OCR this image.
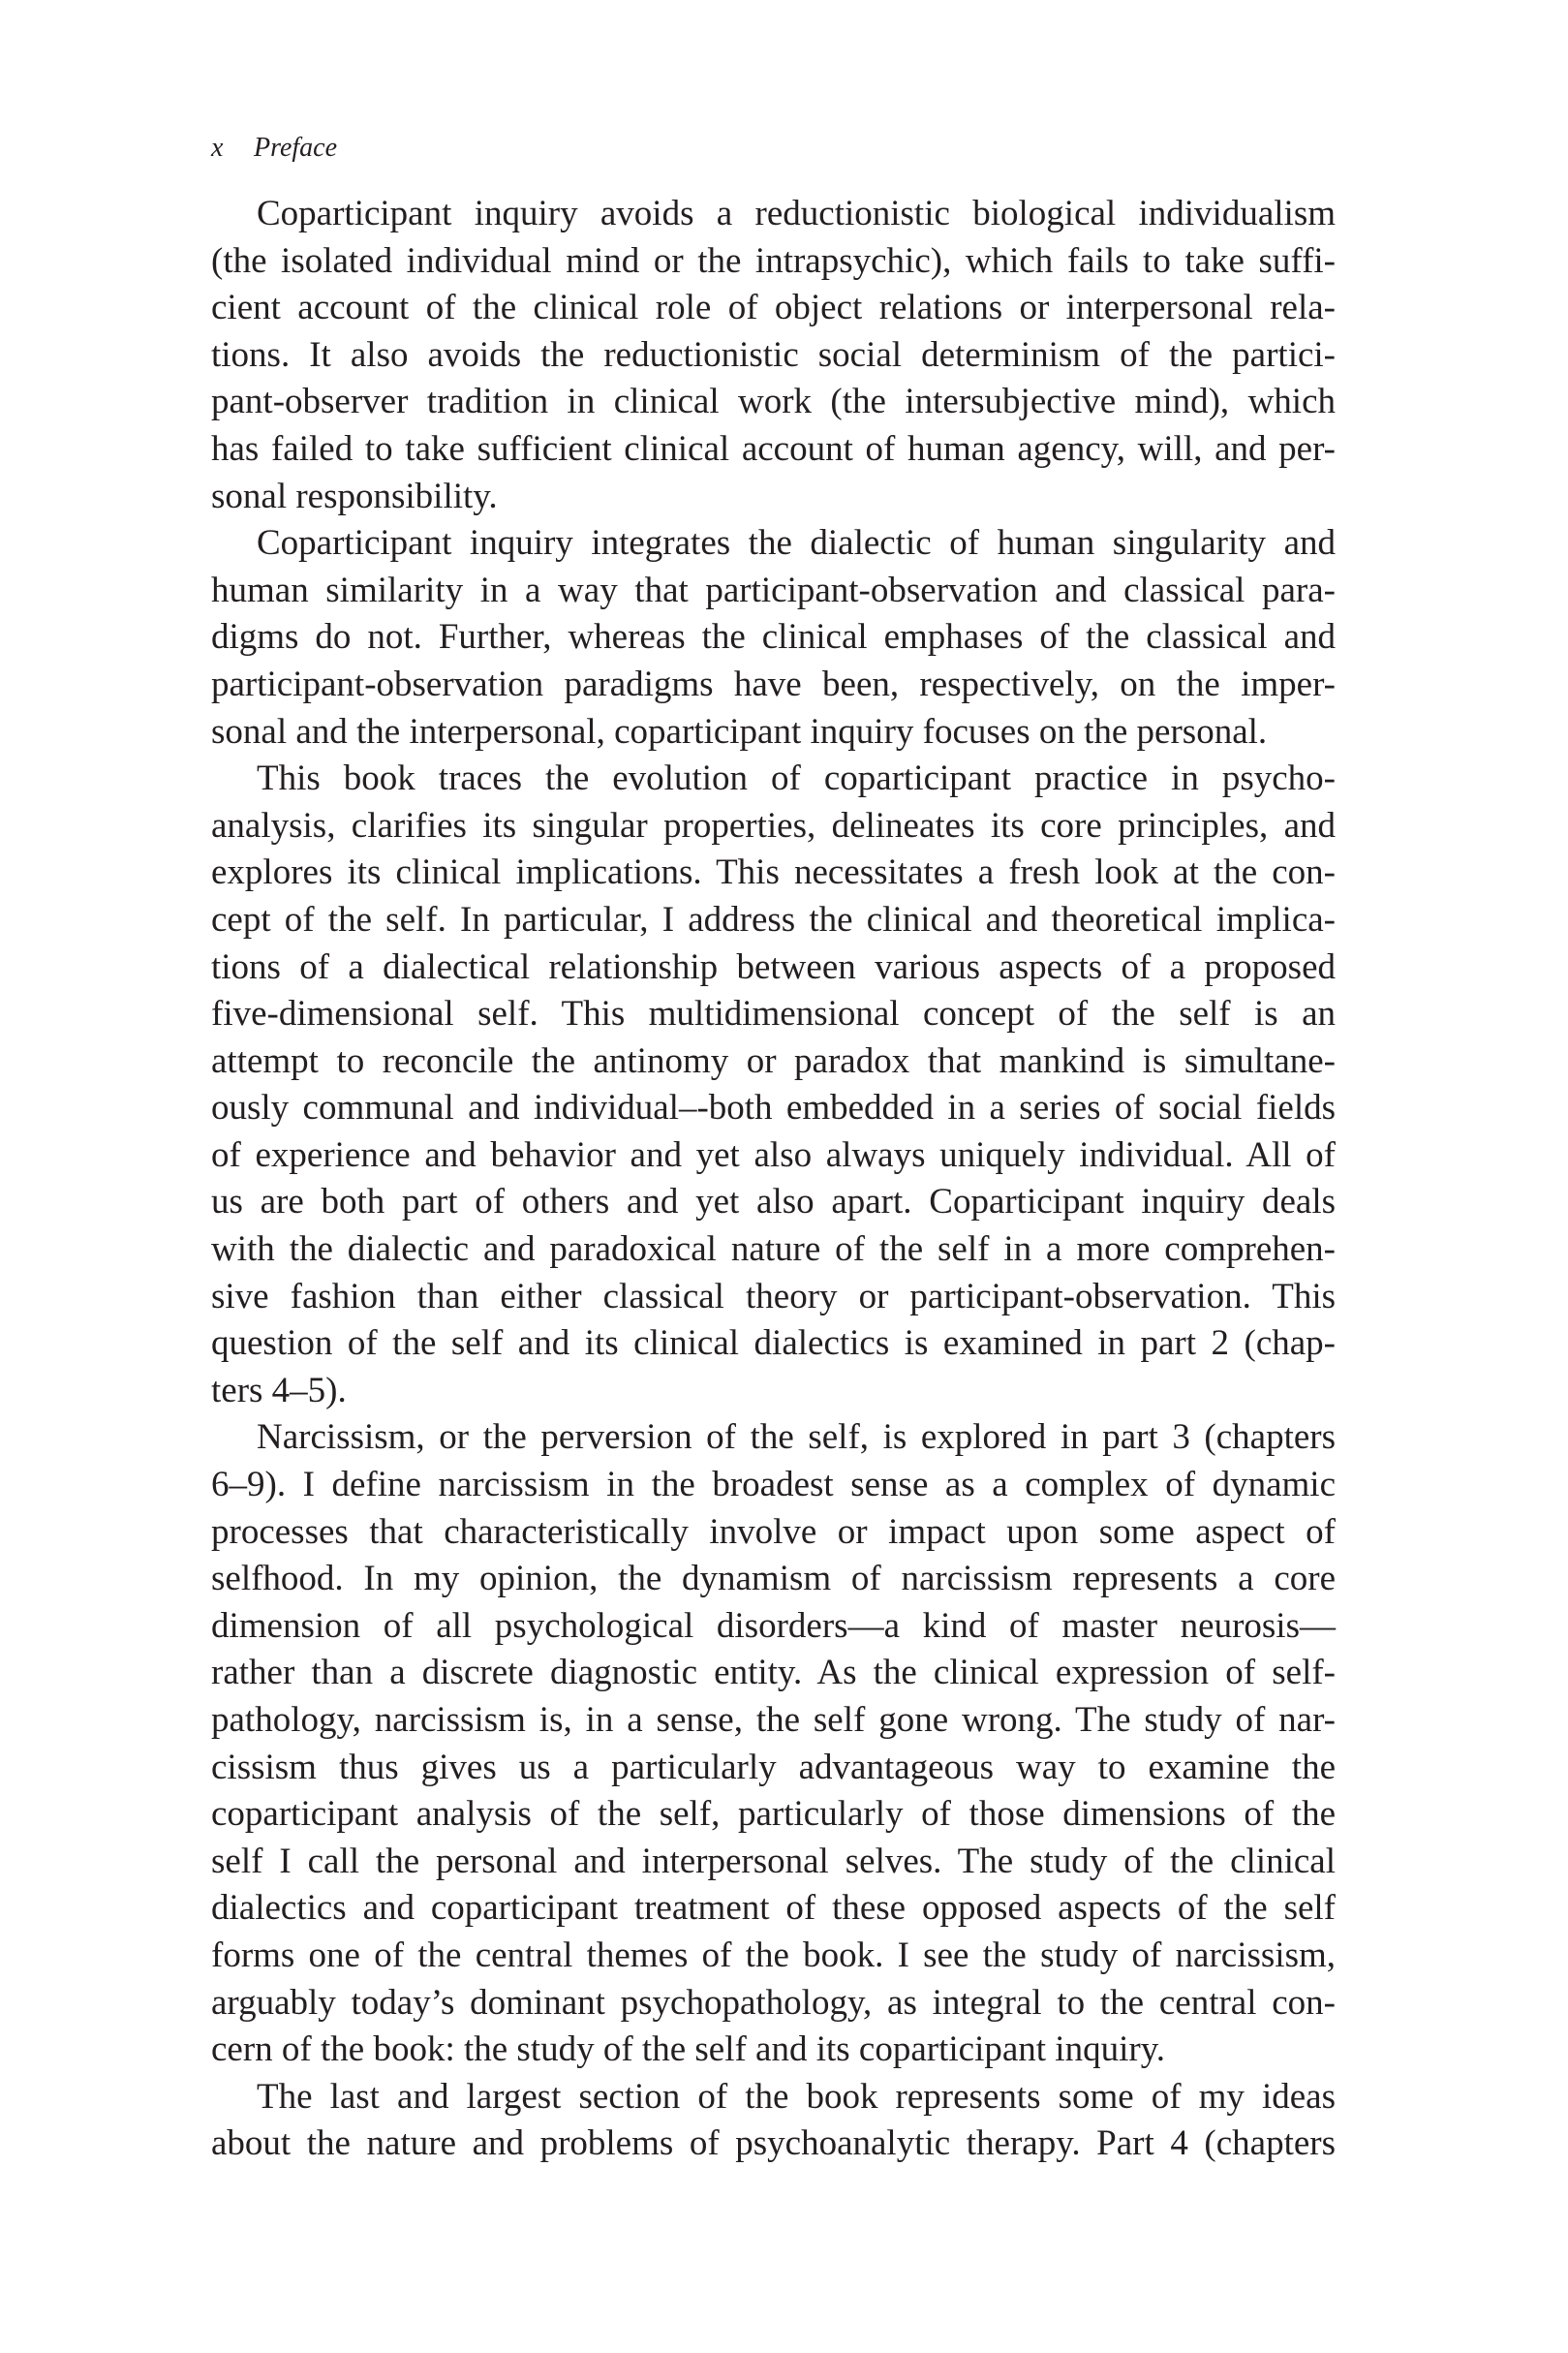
x Preface
Coparticipant inquiry avoids a reductionistic biological individualism
(the isolated individual mind or the intrapsychic), which fails to take suffi-
cient account of the clinical role of object relations or interpersonal rela-
tions. It also avoids the reductionistic social determinism of the partici-
pant-observer tradition in clinical work (the intersubjective mind), which
has failed to take sufficient clinical account of human agency, will, and per-
sonal responsibility.
Coparticipant inquiry integrates the dialectic of human singularity and
human similarity in a way that participant-observation and classical para-
digms do not. Further, whereas the clinical emphases of the classical and
participant-observation paradigms have been, respectively, on the imper-
sonal and the interpersonal, coparticipant inquiry focuses on the personal.
This book traces the evolution of coparticipant practice in psycho-
analysis, clarifies its singular properties, delineates its core principles, and
explores its clinical implications. This necessitates a fresh look at the con-
cept of the self. In particular, I address the clinical and theoretical implica-
tions of a dialectical relationship between various aspects of a proposed
five-dimensional self. This multidimensional concept of the self is an
attempt to reconcile the antinomy or paradox that mankind is simultane-
ously communal and individual–-both embedded in a series of social fields
of experience and behavior and yet also always uniquely individual. All of
us are both part of others and yet also apart. Coparticipant inquiry deals
with the dialectic and paradoxical nature of the self in a more comprehen-
sive fashion than either classical theory or participant-observation. This
question of the self and its clinical dialectics is examined in part 2 (chap-
ters 4–5).
Narcissism, or the perversion of the self, is explored in part 3 (chapters
6–9). I define narcissism in the broadest sense as a complex of dynamic
processes that characteristically involve or impact upon some aspect of
selfhood. In my opinion, the dynamism of narcissism represents a core
dimension of all psychological disorders—a kind of master neurosis—
rather than a discrete diagnostic entity. As the clinical expression of self-
pathology, narcissism is, in a sense, the self gone wrong. The study of nar-
cissism thus gives us a particularly advantageous way to examine the
coparticipant analysis of the self, particularly of those dimensions of the
self I call the personal and interpersonal selves. The study of the clinical
dialectics and coparticipant treatment of these opposed aspects of the self
forms one of the central themes of the book. I see the study of narcissism,
arguably today’s dominant psychopathology, as integral to the central con-
cern of the book: the study of the self and its coparticipant inquiry.
The last and largest section of the book represents some of my ideas
about the nature and problems of psychoanalytic therapy. Part 4 (chapters
